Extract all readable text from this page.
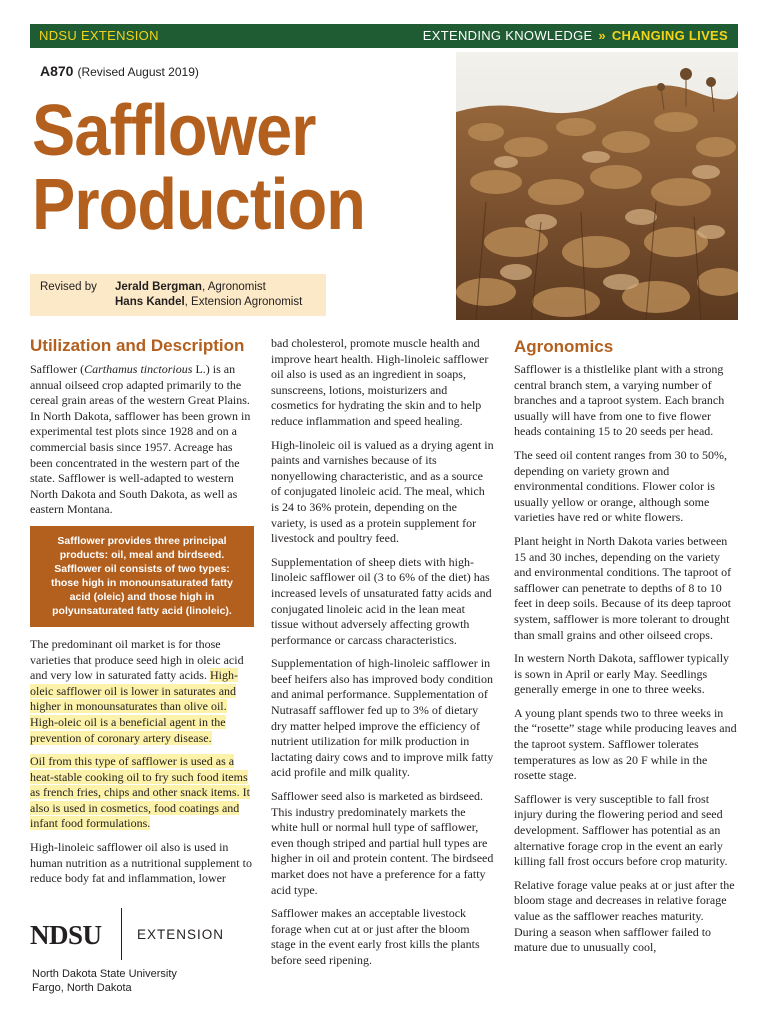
NDSU EXTENSION	EXTENDING KNOWLEDGE » CHANGING LIVES
A870 (Revised August 2019)
Safflower
Production
Revised by Jerald Bergman, Agronomist
Hans Kandel, Extension Agronomist
Utilization and Description

Safflower (Carthamus tinctorious L.) is an annual oilseed crop adapted primarily to the cereal grain areas of the western Great Plains. In North Dakota, safflower has been grown in experimental test plots since 1928 and on a commercial basis since 1957. Acreage has been concentrated in the western part of the state. Safflower is well-adapted to western North Dakota and South Dakota, as well as eastern Montana.

Safflower provides three principal products: oil, meal and birdseed. Safflower oil consists of two types: those high in monounsaturated fatty acid (oleic) and those high in polyunsaturated fatty acid (linoleic).

The predominant oil market is for those varieties that produce seed high in oleic acid and very low in saturated fatty acids. High-oleic safflower oil is lower in saturates and higher in monounsaturates than olive oil. High-oleic oil is a beneficial agent in the prevention of coronary artery disease.

Oil from this type of safflower is used as a heat-stable cooking oil to fry such food items as french fries, chips and other snack items. It also is used in cosmetics, food coatings and infant food formulations.

High-linoleic safflower oil also is used in human nutrition as a nutritional supplement to reduce body fat and inflammation, lower

bad cholesterol, promote muscle health and improve heart health. High-linoleic safflower oil also is used as an ingredient in soaps, sunscreens, lotions, moisturizers and cosmetics for hydrating the skin and to help reduce inflammation and speed healing.

High-linoleic oil is valued as a drying agent in paints and varnishes because of its nonyellowing characteristic, and as a source of conjugated linoleic acid. The meal, which is 24 to 36% protein, depending on the variety, is used as a protein supplement for livestock and poultry feed.

Supplementation of sheep diets with high-linoleic safflower oil (3 to 6% of the diet) has increased levels of unsaturated fatty acids and conjugated linoleic acid in the lean meat tissue without adversely affecting growth performance or carcass characteristics.

Supplementation of high-linoleic safflower in beef heifers also has improved body condition and animal performance. Supplementation of Nutrasaff safflower fed up to 3% of dietary dry matter helped improve the efficiency of nutrient utilization for milk production in lactating dairy cows and to improve milk fatty acid profile and milk quality.

Safflower seed also is marketed as birdseed. This industry predominately markets the white hull or normal hull type of safflower, even though striped and partial hull types are higher in oil and protein content. The birdseed market does not have a preference for a fatty acid type.

Safflower makes an acceptable livestock forage when cut at or just after the bloom stage in the event early frost kills the plants before seed ripening.

Agronomics

Safflower is a thistlelike plant with a strong central branch stem, a varying number of branches and a taproot system. Each branch usually will have from one to five flower heads containing 15 to 20 seeds per head.

The seed oil content ranges from 30 to 50%, depending on variety grown and environmental conditions. Flower color is usually yellow or orange, although some varieties have red or white flowers.

Plant height in North Dakota varies between 15 and 30 inches, depending on the variety and environmental conditions. The taproot of safflower can penetrate to depths of 8 to 10 feet in deep soils. Because of its deep taproot system, safflower is more tolerant to drought than small grains and other oilseed crops.

In western North Dakota, safflower typically is sown in April or early May. Seedlings generally emerge in one to three weeks.

A young plant spends two to three weeks in the “rosette” stage while producing leaves and the taproot system. Safflower tolerates temperatures as low as 20 F while in the rosette stage.

Safflower is very susceptible to fall frost injury during the flowering period and seed development. Safflower has potential as an alternative forage crop in the event an early killing fall frost occurs before crop maturity.

Relative forage value peaks at or just after the bloom stage and decreases in relative forage value as the safflower reaches maturity. During a season when safflower failed to mature due to unusually cool,

NDSU	EXTENSION
North Dakota State University
Fargo, North Dakota
